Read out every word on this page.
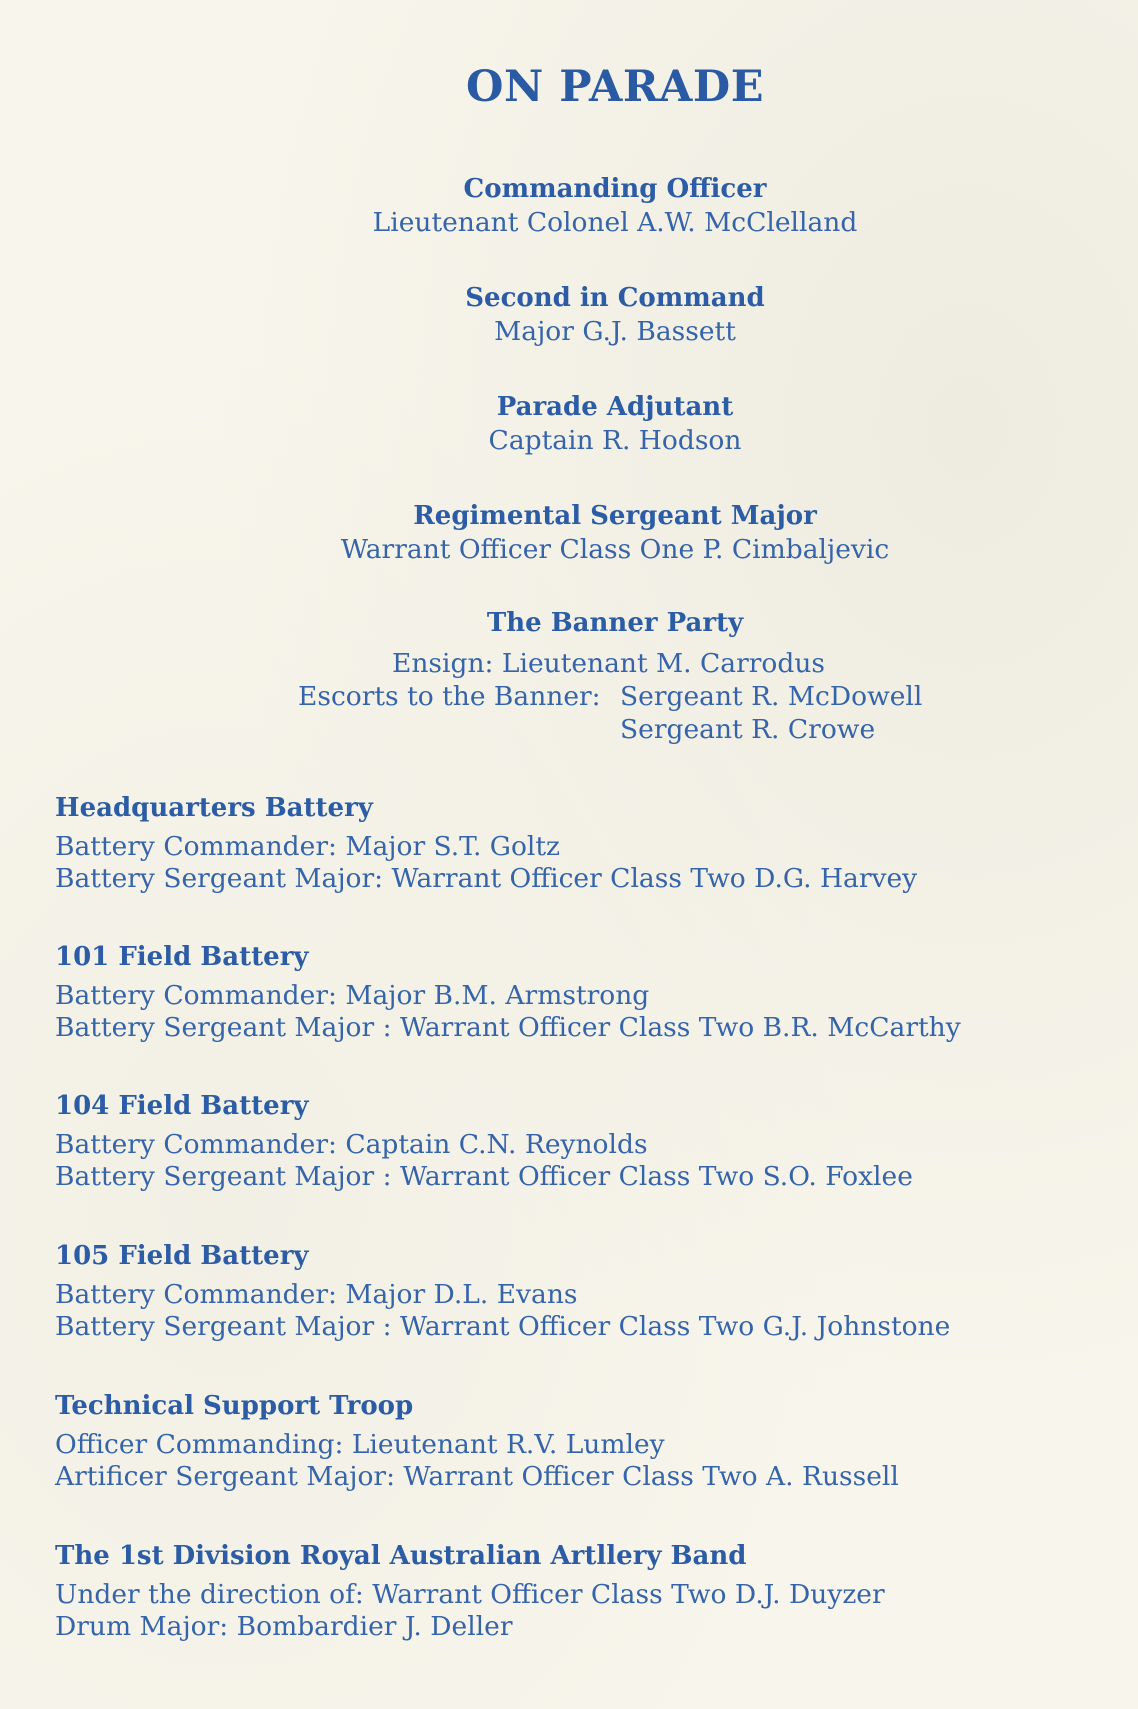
ON PARADE
Commanding Officer
Lieutenant Colonel A.W. McClelland
Second in Command
Major G.J. Bassett
Parade Adjutant
Captain R. Hodson
Regimental Sergeant Major
Warrant Officer Class One P. Cimbaljevic
The Banner Party
Ensign: Lieutenant M. Carrodus
Escorts to the Banner: Sergeant R. McDowell
Sergeant R. Crowe
Headquarters Battery
Battery Commander: Major S.T. Goltz
Battery Sergeant Major: Warrant Officer Class Two D.G. Harvey
101 Field Battery
Battery Commander: Major B.M. Armstrong
Battery Sergeant Major : Warrant Officer Class Two B.R. McCarthy
104 Field Battery
Battery Commander: Captain C.N. Reynolds
Battery Sergeant Major : Warrant Officer Class Two S.O. Foxlee
105 Field Battery
Battery Commander: Major D.L. Evans
Battery Sergeant Major : Warrant Officer Class Two G.J. Johnstone
Technical Support Troop
Officer Commanding: Lieutenant R.V. Lumley
Artificer Sergeant Major: Warrant Officer Class Two A. Russell
The 1st Division Royal Australian Artllery Band
Under the direction of: Warrant Officer Class Two D.J. Duyzer
Drum Major: Bombardier J. Deller
